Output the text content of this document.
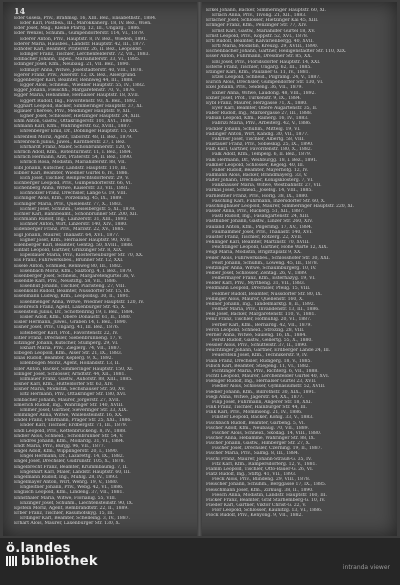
14
Eder Gisela, Priv., Brahmsg. 16, XIII. Bez., Elisabethstr., 1884.
Eder Karl, Postbea., III., Marokkanerg. 18, IV. Bez., Wien.
Eder Josef, Mag., Kleine Pfarrg. 12, III., Ungarg., 1886.
Eder Wenzel, Schuhm., Gumpendorferstr. 114, VI., 1879.
Ederer Anton, Priv., Hauptstr. 8, IV. Bez., Wieden, 1891.
Ederer Maria, Hausbes., Landstr. Hauptstr. 42, III., 1877.
Edhofer Karl, Beamter, Praterstr. 26, II. Bez., Leopoldst.
Edinger Franz, Tischler, Lerchenfelderstr. 72, VII., 1883.
Edlbacher Johann, Tapez., Mariahilferstr. 33, VI., 1885.
Edlinger Josef, Kfm., Neubaug. 21, VII. Bez., 1890.
Edlmayr Anna, Witwe, Josefstädterstr. 40, VIII., 1878.
Egerer Franz, Priv., Alserstr. 12, IX. Bez., Alsergrund.
Eggenberger Karl, Beamter, Rennweg 44, III., 1888.
Egger Alois, Schneid., Wiedner Hauptstr. 55, IV., 1882.
Egger Johann, Fleischh., Margaretenstr. 70, V., 1876.
Egger Maria, Hebamme, Hernalser Hauptstr. 18, XVII.
Eggert Rudolf, Ing., Favoritenstr. 93, X. Bez., 1892.
Egghart Leopold, Bäcker, Simmeringer Hauptstr. 37, XI.
Eglauer Therese, Priv., Meidlinger Hauptstr. 9, XII.
Egner Josef, Schlosser, Hietzinger Hauptstr. 24, XIII.
Ehm Anton, Gastw., Ottakringerstr. 101, XVI., 1880.
Ehmann Karl, Kfm., Währingerstr. 62, XVIII., 1887.
Ehrenberger Emil, Dr., Döblinger Hauptstr. 15, XIX.
Ehrenfeld Moriz, Agent, Taborstr. 48, II. Bez., 1879.
Ehrenreich Julius, Juwel., Kärntnerstr. 27, I. Bez.
Ehrhardt Franz, Maler, Schönbrunnerstr. 120, V.
Ehrlich Adolf, Kfm., Rotenturmstr. 11, I. Bez., 1884.
Ehrlich Hermann, Arzt, Praterstr. 54, II. Bez., 1890.
Ehrlich Rosa, Modistin, Mariahilferstr. 88, VII.
Eibl Johann, Kutscher, Landstr. Hauptstr. 110, III.
Eibner Karl, Beamter, Wiedner Gürtel 6, IV., 1886.
Eich Josef, Tischler, Reinprechtsdorferstr. 29, V.
Eichberger Leopold, Priv., Gumpendorferstr. 66, VI.
Eichenberg Anna, Witwe, Kaiserstr. 33, VII., 1881.
Eichholzer Franz, Drechsler, Lange G. 19, VIII.
Eichinger Alois, Kfm., Porzellang. 45, IX., 1889.
Eichinger Maria, Priv., Quellenstr. 77, X., 1883.
Eichler Josef, Schuhm., Geiselbergstr. 5, XI., 1878.
Eichler Karl, Bahnbeamt., Schönbrunner Str. 200, XII.
Eichmann Rudolf, Ing., Lainzerstr. 31, XIII., 1893.
Eichner Anton, Wirt, Linzerstr. 140, XIV., 1880.
Eidenberger Franz, Priv., Märzstr. 22, XV., 1885.
Eigl Johann, Maurer, Thaliastr. 64, XVI., 1877.
Eigner Josef, Kfm., Hernalser Hauptstr. 90, XVII.
Eilenberger Karl, Beamter, Gentzg. 50, XVIII., 1888.
Einfalt Leopold, Gärtner, Grinzinger Str. 8, XIX.
Eipeldauer Maria, Priv., Klosterneuburger Str. 70, XX.
Eis Franz, Fuhrwerksbes., Brünner Str. 12, XXI.
Eisele Anton, Schmied, Rennweg 80, III., 1882.
Eisenbach Moriz, Kfm., Salztorg. 4, I. Bez., 1879.
Eisenberger Josef, Schneid., Margaretengürtel 36, V.
Eisendle Karl, Priv., Neustiftg. 58, VII., 1886.
Eisenhut Johann, Tischler, Piaristeng. 27, VIII.
Eisenkölbl Rudolf, Beamter, Nussdorfer Str. 15, IX.
Eisenmann Ludwig, Kfm., Leopoldsg. 30, II., 1891.
Eisenmenger Anna, Witwe, Wiedner Hauptstr. 120, IV.
Eisenreich Franz, Agent, Laxenburger Str. 45, X.
Eisenstein Julius, Dr., Schottenring 19, I. Bez., 1884.
Eisler Adolf, Kfm., Obere Donaustr. 61, II., 1880.
Eisler Hermann, Juwel., Graben 14, I. Bez., 1890.
Eisner Josef, Priv., Ungarg. 41, III. Bez., 1876.
Eitelberger Karl, Prof., Favoritenstr. 22, IV.
Eitler Franz, Drechsler, Siebenbrunneng. 17, V.
Eitzinger Johann, Kutscher, Stumperg. 29, VI.
Ekhart Maria, Priv., Zieglerg. 74, VII., 1887.
Elbogen Leopold, Kfm., Alser Str. 21, IX., 1883.
Elias Rudolf, Beamter, Keplerg. 9, X., 1892.
Ellenbogen Moriz, Agent, Hollandstr. 13, II.
Eller Anton, Bäcker, Simmeringer Hauptstr. 150, XI.
Ellinger Josef, Schlosser, Arndtstr. 44, XII., 1881.
Ellmauer Franz, Gastw., Auhofstr. 88, XIII., 1885.
Elsner Karl, Kfm., Hütteldorfer Str. 63, XIV.
Elsner Maria, Modistin, Sechshauser Str. 50, XV.
Eltz Hermann, Priv., Ottakringer Str. 180, XVI.
Embacher Johann, Maurer, Jörgerstr. 27, XVII.
Emerich Rudolf, Ing., Währinger Str. 140, XVIII.
Emmer Josef, Gärtner, Sieveringer Str. 33, XIX.
Emminger Anna, Witwe, Wallensteinstr. 16, XX.
Endel Franz, Fuhrmann, Prager Str. 25, XXI., 1886.
Ender Karl, Tischler, Erdbergstr. 71, III., 1879.
Endl Leopold, Priv., Kettenbrückeng. 8, IV., 1888.
Endler Alois, Schneid., Schönbrunner Str. 54, V.
Endres Johann, Kfm., Mollardg. 31, VI., 1884.
Endt Maria, Priv., Burgg. 96, VII., 1877.
Engel Adolf, Kfm., Wipplingerstr. 20, I., 1890.
Engel Hermann, Dr., Lazarettg. 14, IX., 1882.
Engel Josef, Drechsler, Gudrunstr. 105, X., 1878.
Engelbrecht Franz, Beamter, Krummbaumg. 7, II.
Engelhart Karl, Maler, Landstr. Hauptstr. 60, III.
Engelmann Rudolf, Ing., Mühlg. 28, IV., 1893.
Engelmayer Anton, Wirt, Wehrg. 19, V., 1880.
Engleitner Johann, Priv., Webg. 42, VI., 1886.
Englisch Leopold, Kfm., Lindeng. 37, VII., 1881.
Ennsthaler Maria, Witwe, Florianig. 55, VIII.
Enzinger Josef, Schuhm., Liechtensteinstr. 90, IX.
Epstein Moriz, Agent, Rembrandtstr. 22, II., 1889.
Erber Franz, Tischler, Rasumofskyg. 15, III.
Erdinger Karl, Beamter, Schelleing. 3, IV., 1887.
Erhart Alois, Maurer, Laxenburger Str. 130, X.
Erkel Johann, Bäcker, Simmeringer Hauptstr. 60, XI.
Erlach Anna, Priv., Tivolig. 21, XII., 1883.
Erlacher Josef, Schlosser, Hietzinger Kai 45, XIII.
Erlinger Franz, Kfm., Penzinger Str. 77, XIV.
Ernst Karl, Gastw., Mariahilfer Gürtel 18, XV.
Ernst Leopold, Priv., Koppstr. 52, XVI., 1878.
Ertl Rudolf, Beamter, Kalvarienbergg. 40, XVII.
Ertl Maria, Modistin, Kreuzg. 29, XVIII., 1890.
Eschenbacher Johann, Gärtner, Heiligenstädter Str. 110, XIX.
Esser Anton, Fuhrmann, Dresdner Str. 85, XX.
Eßl Josef, Priv., Floridsdorfer Hauptstr. 14, XXI.
Esterle Franz, Tischler, Ungarg. 62, III., 1885.
Etlinger Karl, Kfm., Paulaner G. 11, IV., 1881.
Etzel Leopold, Schneid., Pilgramg. 24, V., 1887.
Eurich Alois, Drechsler, Gumpendorfer Str. 130, VI.
Exel Johann, Priv., Seideng. 36, VII., 1879.
Exner Anna, Witwe, Laudong. 48, VIII., 1892.
Exner Josef, Prof., Türkenstr. 9, IX., 1884.
Eybl Franz, Maurer, Herzgasse 71, X., 1880.
Eyer Karl, Beamter, Obere Augartenstr. 35, II.
Faber Rudolf, Ing., Marxergasse 27, III., 1888.
Fabian Leopold, Kfm., Rainerg. 16, IV., 1883.
Fabrizi Maria, Priv., Arbeiterg. 42, V., 1886.
Fackler Johann, Schuhm., Mittelg. 19, VI.
Fadinger Anton, Wirt, Kandlg. 30, VII., 1877.
Fahrner Josef, Tischler, Albertg. 58, VIII.
Faistauer Franz, Priv., Sobieskig. 25, IX., 1890.
Falb Karl, Gärtner, Favoritenstr. 180, X., 1882.
Falk Adolf, Kfm., Tempelg. 6, II. Bez., 1879.
Falk Hermann, Dr., Weihburgg. 18, I. Bez., 1891.
Falkner Leopold, Schlosser, Kegelg. 40, III.
Faller Rudolf, Beamter, Mayerhofg. 12, IV.
Fallmann Alois, Bäcker, Brandmayerg. 33, V.
Falter Johann, Drechsler, Königsklosterg. 7, VI.
Fankhauser Maria, Witwe, Westbahnstr. 27, VII.
Farkas Josef, Schneid., Josefsg. 14, VIII., 1885.
Farnleitner Franz, Priv., Hörlg. 38, IX., 1880.
Fasching Karl, Fuhrmann, Inzersdorfer Str. 60, X.
Faschingbauer Leopold, Maurer, Simmeringer Hauptstr. 220, XI.
Fasser Anna, Priv., Ruckerg. 51, XII., 1887.
Fastl Rudolf, Ing., Fasangartenstr. 24, XIII.
Fasthuber Johann, Gastw., Linzer Str. 260, XIV.
Fauland Anton, Kfm., Pilgerimg. 17, XV., 1884.
Faulhammer Josef, Priv., Thaliastr. 140, XVI.
Fauster Franz, Tischler, Rötzerg. 22, XVII.
Fehlinger Karl, Beamter, Martinstr. 70, XVIII.
Feichtinger Leopold, Gärtner, Hohe Warte 12, XIX.
Feigl Maria, Modistin, Brigittaplatz 9, XX.
Feiler Alois, Fuhrwerksbes., Schlosshofer Str. 30, XXI.
Feist Johann, Schuhm., Löweng. 45, III., 1878.
Feitzinger Anna, Witwe, Schaumburgerg. 10, IV.
Felber Josef, Schlosser, Zentag. 26, V., 1889.
Felbermayer Franz, Kfm., Esterhazyg. 19, VI.
Felder Karl, Priv., Myrtheng. 31, VII., 1883.
Feldmann Leopold, Drechsler, Pfeilg. 15, VIII.
Feldner Rudolf, Beamter, Nussdorfer Str. 80, IX.
Fellinger Alois, Maurer, Quellenstr. 160, X.
Fellner Johann, Ing., Tandelmarktg. 8, II., 1892.
Fellner Maria, Priv., Invalidenstr. 13, III., 1886.
Fels Josef, Bäcker, Margaretenstr. 110, V., 1881.
Fenz Franz, Tischler, Hofmühlg. 20, VI., 1887.
Ferber Karl, Kfm., Bernardg. 42, VII., 1879.
Ferch Leopold, Schneid., Strozzig. 28, VIII.
Ferner Anna, Witwe, Säuleng. 16, IX., 1884.
Ferstl Rudolf, Gastw., Gellertg. 55, X., 1880.
Fessler Alois, Priv., Schüttelstr. 37, II., 1890.
Feuchtinger Johann, Gärtner, Erdberger Lände 24, III.
Feuerstein Josef, Kfm., Technikerstr. 9, IV.
Fiala Franz, Drechsler, Rüdigerg. 18, V., 1885.
Fibich Karl, Beamter, Stiegeng. 11, VI., 1882.
Fichtinger Maria, Priv., Richterg. 6, VII., 1888.
Fichtl Leopold, Maurer, Lerchenfelder Gürtel 40, XVI.
Fiebiger Rudolf, Ing., Hernalser Gürtel 23, XVII.
Fiedler Alois, Schlosser, Gymnasiumstr. 52, XVIII.
Fiedler Johann, Kfm., Billrothstr. 30, XIX., 1891.
Fiegl Anna, Witwe, Jägerstr. 64, XX., 1877.
Filip Josef, Fuhrmann, Angerer Str. 18, XXI.
Fink Franz, Tischler, Hainburger Str. 44, III.
Fink Karl, Priv., Mommseng. 21, IV., 1886.
Finster Leopold, Bäcker, Kohlg. 33, V., 1883.
Fischbach Rudolf, Beamter, Garbeng. 5, VI.
Fischer Adolf, Kfm., Neubaug. 70, VII., 1889.
Fischer Alois, Schneid., Skodag. 14, VIII., 1880.
Fischer Anna, Hebamme, Währinger Str. 88, IX.
Fischer Johann, Gastw., Himberger Str. 27, X.
Fischer Josef, Drechsler, Czerning. 19, II., 1887.
Fischer Maria, Priv., Salmg. 8, III., 1884.
Fischl Franz, Maurer, Johann-Strauß-G. 35, IV.
Fitz Karl, Kfm., Rampersdorferg. 12, V., 1881.
Flamm Leopold, Tischler, Otto-Bauer-G. 26, VI.
Flatz Rudolf, Ing., Stiftg. 41, VII., 1893.
Fleck Alois, Priv., Blindeng. 29, VIII., 1878.
Fleischer Johann, Schuhm., Berggasse 17, IX., 1885.
Fleischmann Josef, Kfm., Zirkusg. 38, II., 1890.
Flesch Anna, Modistin, Landstr. Hauptstr. 160, III.
Flicker Franz, Beamter, Graf Starhemberg-G. 10, IV.
Flieder Karl, Gärtner, Viktor Christ-G. 22, V.
Flor Leopold, Schlosser, Kaunitzg. 13, VI., 1886.
Flöck Rudolf, Priv., Kenyong. 9, VII., 1882.
ö.landes
bibliothek	intranda viewer
